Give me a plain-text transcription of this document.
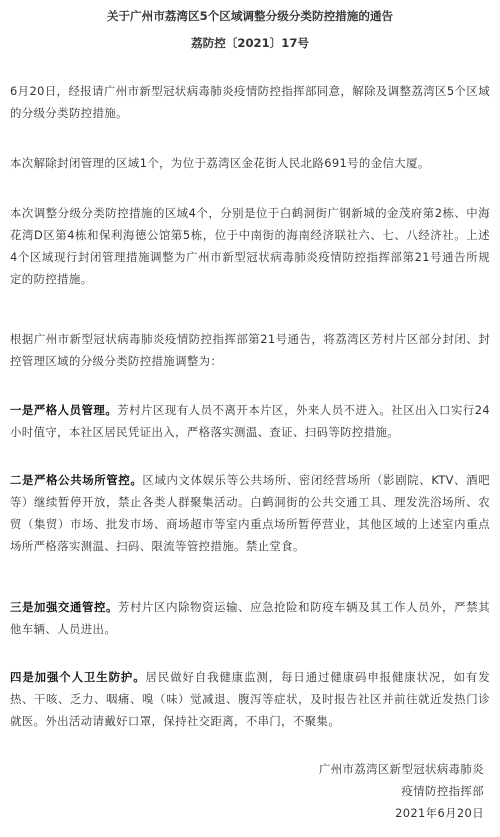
关于广州市荔湾区5个区域调整分级分类防控措施的通告
荔防控〔2021〕17号
6月20日，经报请广州市新型冠状病毒肺炎疫情防控指挥部同意，解除及调整荔湾区5个区域的分级分类防控措施。
本次解除封闭管理的区域1个，为位于荔湾区金花街人民北路691号的金信大厦。
本次调整分级分类防控措施的区域4个，分别是位于白鹤洞街广钢新城的金茂府第2栋、中海花湾D区第4栋和保利海德公馆第5栋，位于中南街的海南经济联社六、七、八经济社。上述4个区域现行封闭管理措施调整为广州市新型冠状病毒肺炎疫情防控指挥部第21号通告所规定的防控措施。
根据广州市新型冠状病毒肺炎疫情防控指挥部第21号通告，将荔湾区芳村片区部分封闭、封控管理区域的分级分类防控措施调整为：
一是严格人员管理。芳村片区现有人员不离开本片区，外来人员不进入。社区出入口实行24小时值守，本社区居民凭证出入，严格落实测温、查证、扫码等防控措施。
二是严格公共场所管控。区域内文体娱乐等公共场所、密闭经营场所（影剧院、KTV、酒吧等）继续暂停开放，禁止各类人群聚集活动。白鹤洞街的公共交通工具、理发洗浴场所、农贸（集贸）市场、批发市场、商场超市等室内重点场所暂停营业，其他区域的上述室内重点场所严格落实测温、扫码、限流等管控措施。禁止堂食。
三是加强交通管控。芳村片区内除物资运输、应急抢险和防疫车辆及其工作人员外，严禁其他车辆、人员进出。
四是加强个人卫生防护。居民做好自我健康监测，每日通过健康码申报健康状况，如有发热、干咳、乏力、咽痛、嗅（味）觉减退、腹泻等症状，及时报告社区并前往就近发热门诊就医。外出活动请戴好口罩，保持社交距离，不串门，不聚集。
广州市荔湾区新型冠状病毒肺炎
疫情防控指挥部
2021年6月20日
